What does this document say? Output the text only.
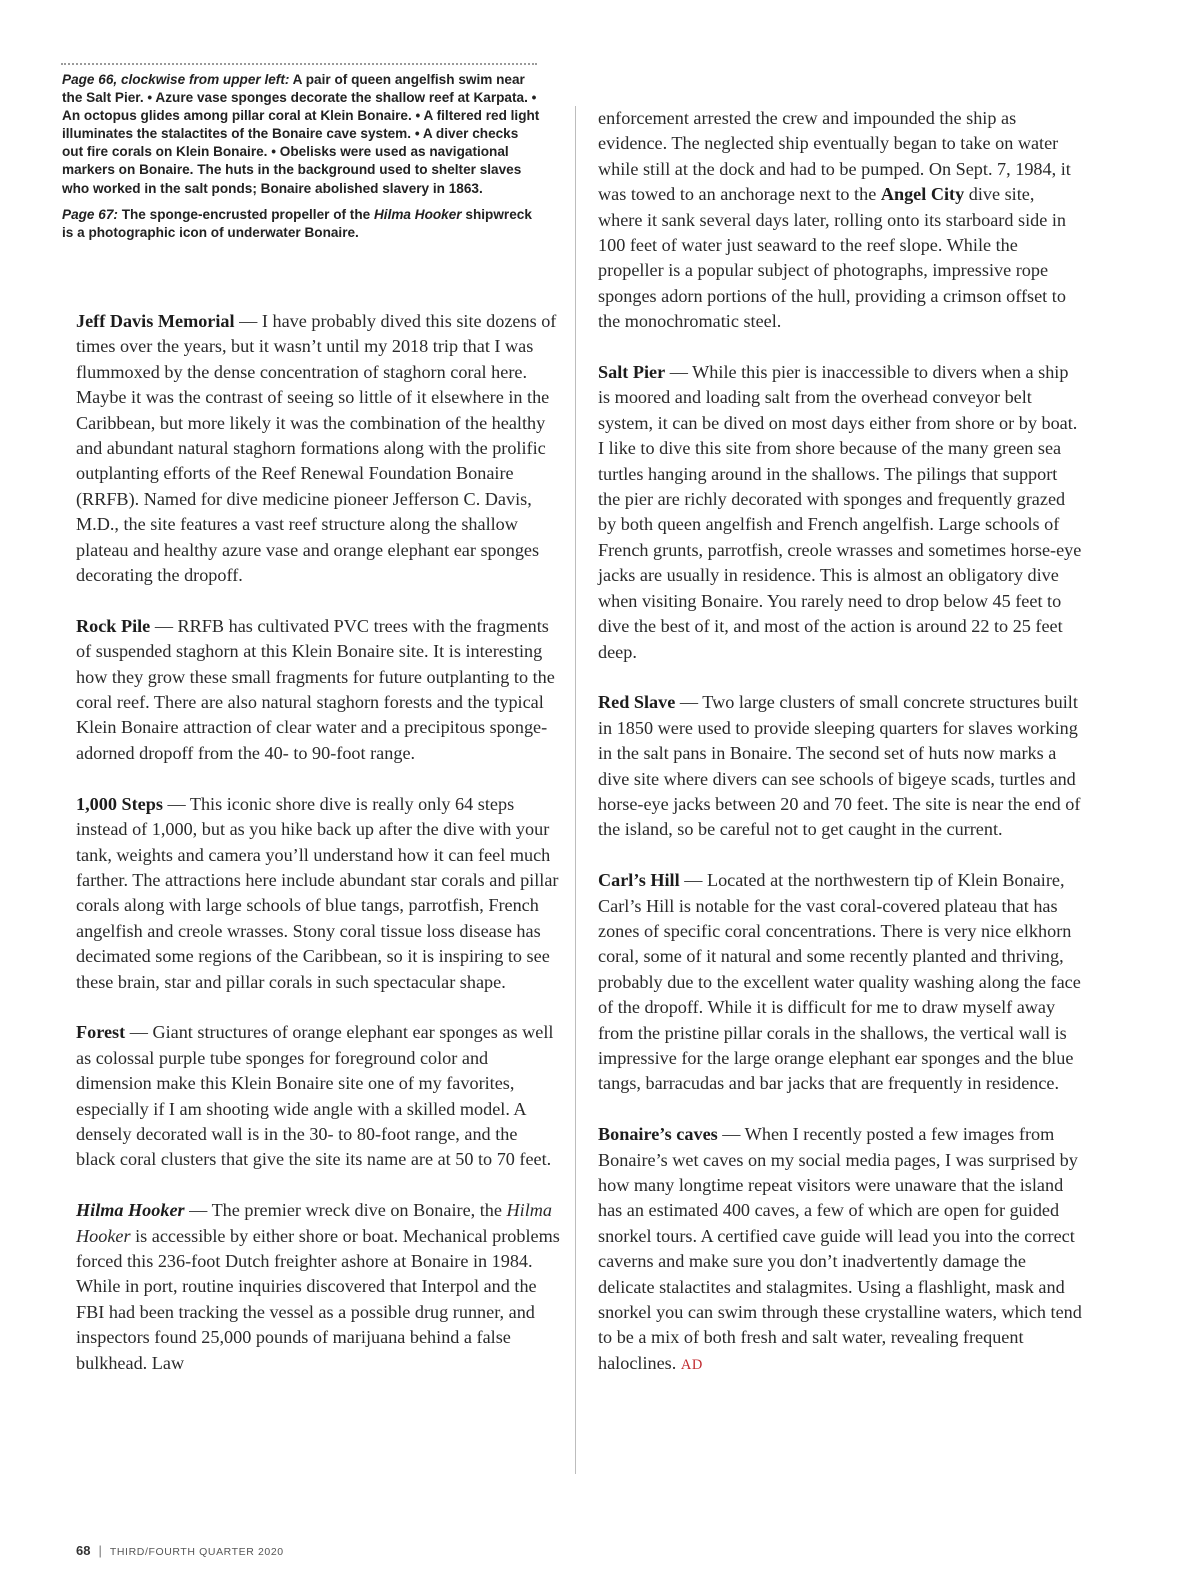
Page 66, clockwise from upper left: A pair of queen angelfish swim near the Salt Pier. • Azure vase sponges decorate the shallow reef at Karpata. • An octopus glides among pillar coral at Klein Bonaire. • A filtered red light illuminates the stalactites of the Bonaire cave system. • A diver checks out fire corals on Klein Bonaire. • Obelisks were used as navigational markers on Bonaire. The huts in the background used to shelter slaves who worked in the salt ponds; Bonaire abolished slavery in 1863.

Page 67: The sponge-encrusted propeller of the Hilma Hooker shipwreck is a photographic icon of underwater Bonaire.

Jeff Davis Memorial — I have probably dived this site dozens of times over the years, but it wasn’t until my 2018 trip that I was flummoxed by the dense concentration of staghorn coral here. Maybe it was the contrast of seeing so little of it elsewhere in the Caribbean, but more likely it was the combination of the healthy and abundant natural staghorn formations along with the prolific outplanting efforts of the Reef Renewal Foundation Bonaire (RRFB). Named for dive medicine pioneer Jefferson C. Davis, M.D., the site features a vast reef structure along the shallow plateau and healthy azure vase and orange elephant ear sponges decorating the dropoff.

Rock Pile — RRFB has cultivated PVC trees with the fragments of suspended staghorn at this Klein Bonaire site. It is interesting how they grow these small fragments for future outplanting to the coral reef. There are also natural staghorn forests and the typical Klein Bonaire attraction of clear water and a precipitous sponge-adorned dropoff from the 40- to 90-foot range.

1,000 Steps — This iconic shore dive is really only 64 steps instead of 1,000, but as you hike back up after the dive with your tank, weights and camera you’ll understand how it can feel much farther. The attractions here include abundant star corals and pillar corals along with large schools of blue tangs, parrotfish, French angelfish and creole wrasses. Stony coral tissue loss disease has decimated some regions of the Caribbean, so it is inspiring to see these brain, star and pillar corals in such spectacular shape.

Forest — Giant structures of orange elephant ear sponges as well as colossal purple tube sponges for foreground color and dimension make this Klein Bonaire site one of my favorites, especially if I am shooting wide angle with a skilled model. A densely decorated wall is in the 30- to 80-foot range, and the black coral clusters that give the site its name are at 50 to 70 feet.

Hilma Hooker — The premier wreck dive on Bonaire, the Hilma Hooker is accessible by either shore or boat. Mechanical problems forced this 236-foot Dutch freighter ashore at Bonaire in 1984. While in port, routine inquiries discovered that Interpol and the FBI had been tracking the vessel as a possible drug runner, and inspectors found 25,000 pounds of marijuana behind a false bulkhead. Law

enforcement arrested the crew and impounded the ship as evidence. The neglected ship eventually began to take on water while still at the dock and had to be pumped. On Sept. 7, 1984, it was towed to an anchorage next to the Angel City dive site, where it sank several days later, rolling onto its starboard side in 100 feet of water just seaward to the reef slope. While the propeller is a popular subject of photographs, impressive rope sponges adorn portions of the hull, providing a crimson offset to the monochromatic steel.

Salt Pier — While this pier is inaccessible to divers when a ship is moored and loading salt from the overhead conveyor belt system, it can be dived on most days either from shore or by boat. I like to dive this site from shore because of the many green sea turtles hanging around in the shallows. The pilings that support the pier are richly decorated with sponges and frequently grazed by both queen angelfish and French angelfish. Large schools of French grunts, parrotfish, creole wrasses and sometimes horse-eye jacks are usually in residence. This is almost an obligatory dive when visiting Bonaire. You rarely need to drop below 45 feet to dive the best of it, and most of the action is around 22 to 25 feet deep.

Red Slave — Two large clusters of small concrete structures built in 1850 were used to provide sleeping quarters for slaves working in the salt pans in Bonaire. The second set of huts now marks a dive site where divers can see schools of bigeye scads, turtles and horse-eye jacks between 20 and 70 feet. The site is near the end of the island, so be careful not to get caught in the current.

Carl’s Hill — Located at the northwestern tip of Klein Bonaire, Carl’s Hill is notable for the vast coral-covered plateau that has zones of specific coral concentrations. There is very nice elkhorn coral, some of it natural and some recently planted and thriving, probably due to the excellent water quality washing along the face of the dropoff. While it is difficult for me to draw myself away from the pristine pillar corals in the shallows, the vertical wall is impressive for the large orange elephant ear sponges and the blue tangs, barracudas and bar jacks that are frequently in residence.

Bonaire’s caves — When I recently posted a few images from Bonaire’s wet caves on my social media pages, I was surprised by how many longtime repeat visitors were unaware that the island has an estimated 400 caves, a few of which are open for guided snorkel tours. A certified cave guide will lead you into the correct caverns and make sure you don’t inadvertently damage the delicate stalactites and stalagmites. Using a flashlight, mask and snorkel you can swim through these crystalline waters, which tend to be a mix of both fresh and salt water, revealing frequent haloclines. AD

68 | THIRD/FOURTH QUARTER 2020
